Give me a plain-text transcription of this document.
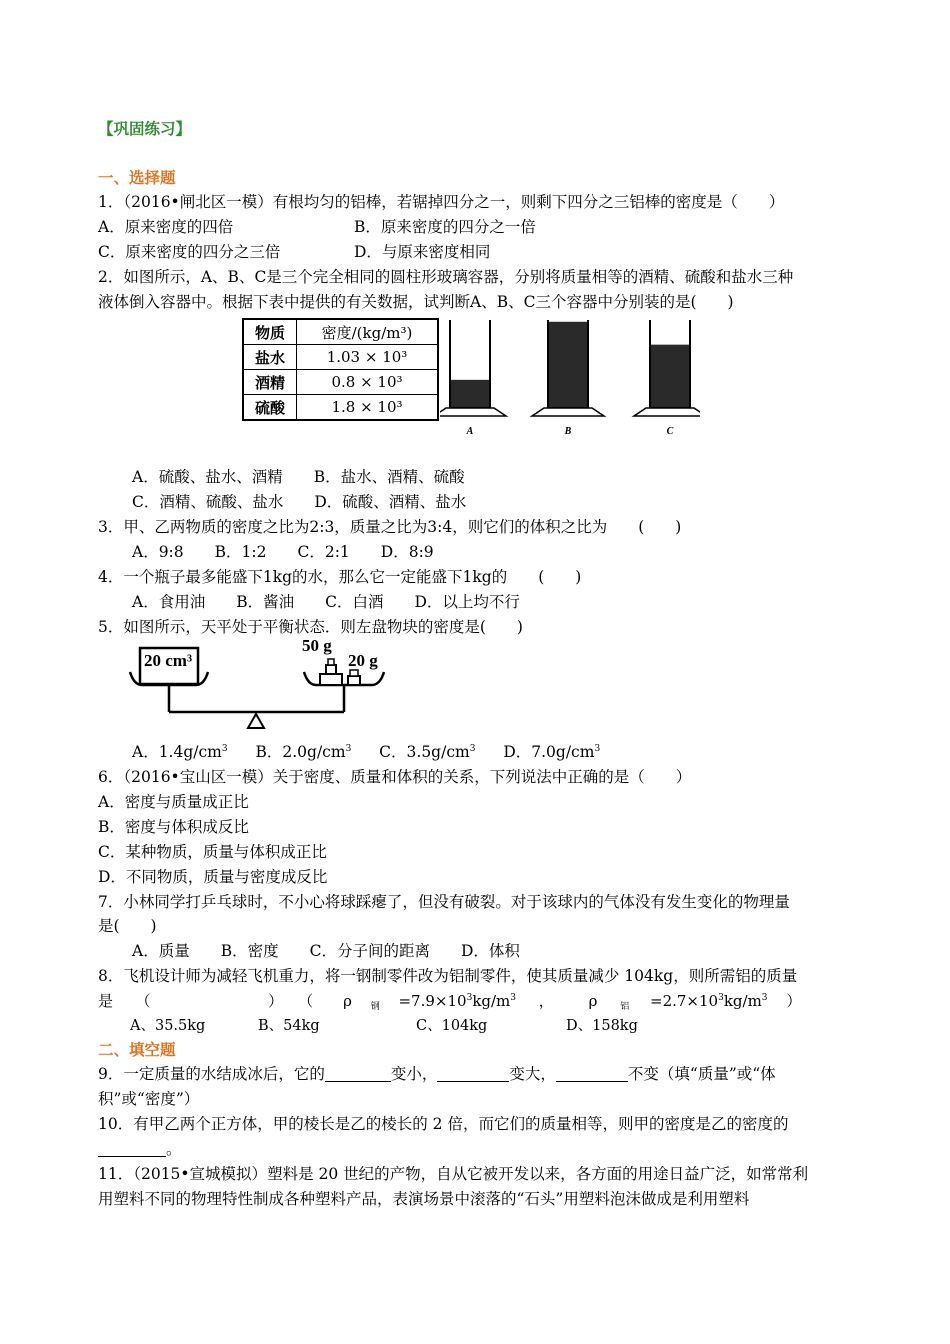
【巩固练习】
一、选择题
1．（2016•闸北区一模）有根均匀的铝棒，若锯掉四分之一，则剩下四分之三铝棒的密度是（　　）
A．原来密度的四倍	B．原来密度的四分之一倍
C．原来密度的四分之三倍	D．与原来密度相同
2．如图所示，A、B、C是三个完全相同的圆柱形玻璃容器，分别将质量相等的酒精、硫酸和盐水三种
液体倒入容器中。根据下表中提供的有关数据，试判断A、B、C三个容器中分别装的是(　　)
物质	密度/(kg/m³)
盐水	1.03 × 10³
酒精	0.8 × 10³
硫酸	1.8 × 10³
A	B	C
A．硫酸、盐水、酒精　　B．盐水、酒精、硫酸
C．酒精、硫酸、盐水　　D．硫酸、酒精、盐水
3．甲、乙两物质的密度之比为2:3，质量之比为3:4，则它们的体积之比为　　(　　)
A．9:8　　B．1:2　　C．2:1　　D．8:9
4．一个瓶子最多能盛下1kg的水，那么它一定能盛下1kg的　　(　　)
A．食用油　　B．酱油　　C．白酒　　D．以上均不行
5．如图所示，天平处于平衡状态．则左盘物块的密度是(　　)
20 cm³
50 g
20 g
A．$1.4g/cm^3$ B．$2.0g/cm^3$ C．$3.5g/cm^3$ D．$7.0g/cm^3$
6．（2016•宝山区一模）关于密度、质量和体积的关系，下列说法中正确的是（　　）
A．密度与质量成正比
B．密度与体积成反比
C．某种物质，质量与体积成正比
D．不同物质，质量与密度成反比
7．小林同学打乒乓球时，不小心将球踩瘪了，但没有破裂。对于该球内的气体没有发生变化的物理量
是(　　)
A．质量　　B．密度　　C．分子间的距离　　D．体积
8．飞机设计师为减轻飞机重力，将一钢制零件改为铝制零件，使其质量减少 104kg，则所需铝的质量
是　　（	）　　（　　ρ $_钢 =7.9\times 10^3kg/m^3$ ， ρ	$_铝 =2.7\times 10^3kg/m^3$ ）
A、35.5kg	B、54kg	C、104kg	D、158kg
二、填空题
9．一定质量的水结成冰后，它的	变小，	变大，	不变（填“质量”或“体
积”或“密度”）
10．有甲乙两个正方体，甲的棱长是乙的棱长的 2 倍，而它们的质量相等，则甲的密度是乙的密度的
。
11．（2015•宣城模拟）塑料是 20 世纪的产物，自从它被开发以来，各方面的用途日益广泛，如常常利
用塑料不同的物理特性制成各种塑料产品，表演场景中滚落的“石头”用塑料泡沫做成是利用塑料
